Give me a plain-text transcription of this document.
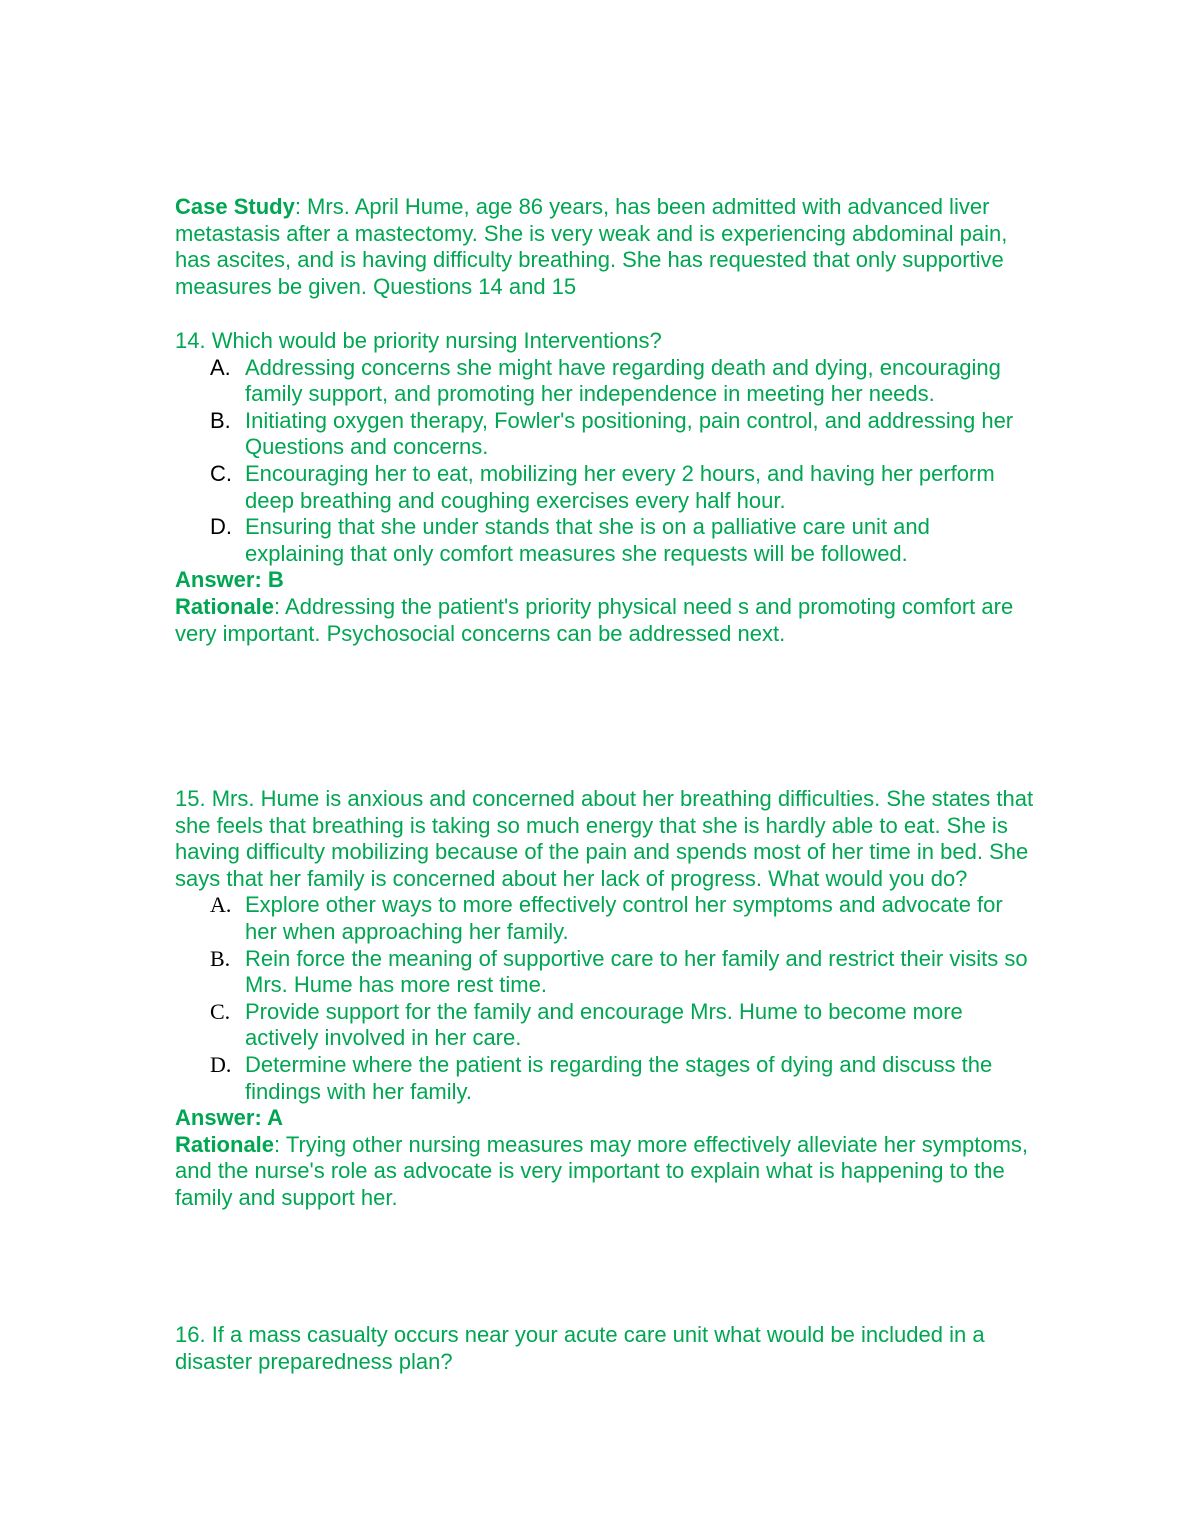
Case Study: Mrs. April Hume, age 86 years, has been admitted with advanced liver metastasis after a mastectomy. She is very weak and is experiencing abdominal pain, has ascites, and is having difficulty breathing. She has requested that only supportive measures be given. Questions 14 and 15

14. Which would be priority nursing Interventions?

A. Addressing concerns she might have regarding death and dying, encouraging family support, and promoting her independence in meeting her needs.
B. Initiating oxygen therapy, Fowler's positioning, pain control, and addressing her Questions and concerns.
C. Encouraging her to eat, mobilizing her every 2 hours, and having her perform deep breathing and coughing exercises every half hour.
D. Ensuring that she under stands that she is on a palliative care unit and explaining that only comfort measures she requests will be followed.

Answer: B

Rationale: Addressing the patient's priority physical need s and promoting comfort are very important. Psychosocial concerns can be addressed next.

15. Mrs. Hume is anxious and concerned about her breathing difficulties. She states that she feels that breathing is taking so much energy that she is hardly able to eat. She is having difficulty mobilizing because of the pain and spends most of her time in bed. She says that her family is concerned about her lack of progress. What would you do?

A. Explore other ways to more effectively control her symptoms and advocate for her when approaching her family.
B. Rein force the meaning of supportive care to her family and restrict their visits so Mrs. Hume has more rest time.
C. Provide support for the family and encourage Mrs. Hume to become more actively involved in her care.
D. Determine where the patient is regarding the stages of dying and discuss the findings with her family.

Answer: A

Rationale: Trying other nursing measures may more effectively alleviate her symptoms, and the nurse's role as advocate is very important to explain what is happening to the family and support her.

16. If a mass casualty occurs near your acute care unit what would be included in a disaster preparedness plan?
